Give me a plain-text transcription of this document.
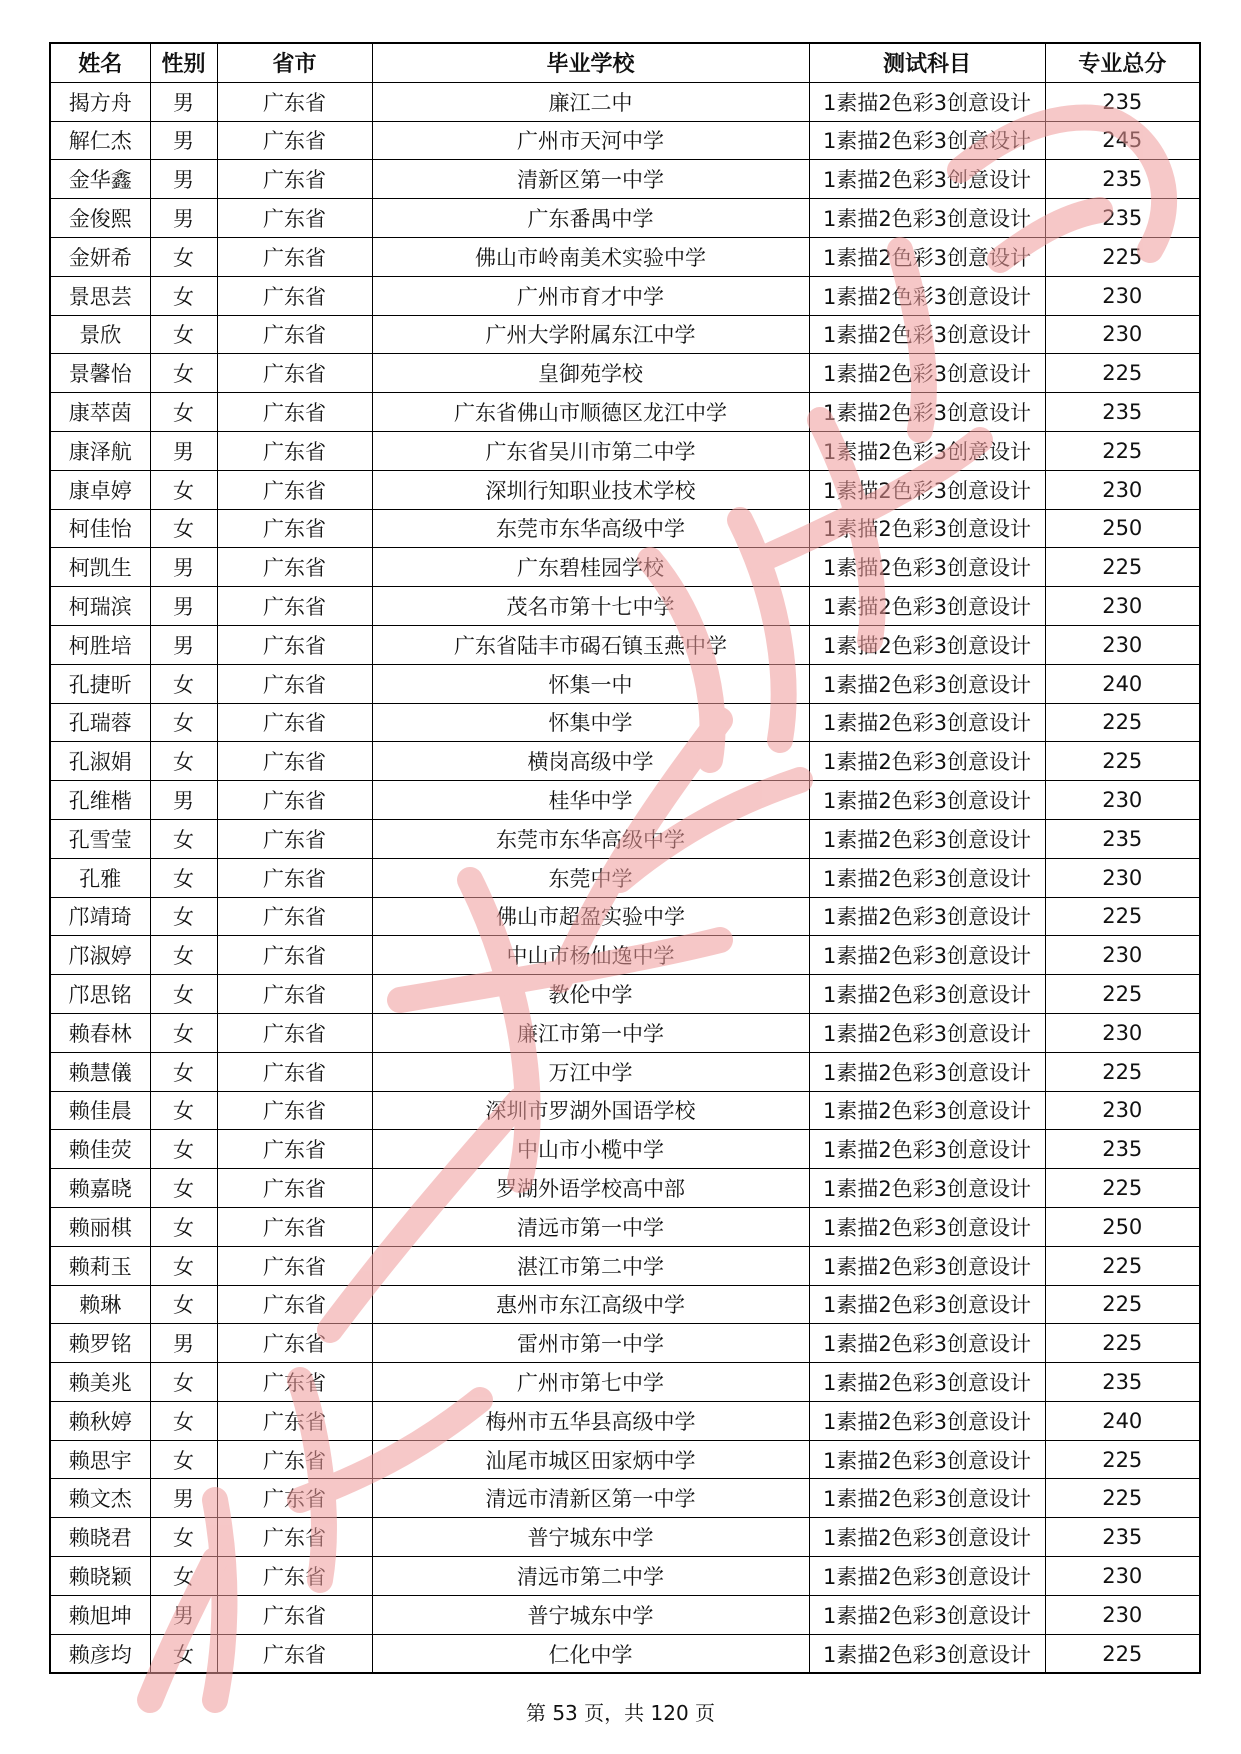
姓名	性别	省市	毕业学校	测试科目	专业总分
揭方舟	男	广东省	廉江二中	1素描2色彩3创意设计	235
解仁杰	男	广东省	广州市天河中学	1素描2色彩3创意设计	245
金华鑫	男	广东省	清新区第一中学	1素描2色彩3创意设计	235
金俊熙	男	广东省	广东番禺中学	1素描2色彩3创意设计	235
金妍希	女	广东省	佛山市岭南美术实验中学	1素描2色彩3创意设计	225
景思芸	女	广东省	广州市育才中学	1素描2色彩3创意设计	230
景欣	女	广东省	广州大学附属东江中学	1素描2色彩3创意设计	230
景馨怡	女	广东省	皇御苑学校	1素描2色彩3创意设计	225
康萃茵	女	广东省	广东省佛山市顺德区龙江中学	1素描2色彩3创意设计	235
康泽航	男	广东省	广东省吴川市第二中学	1素描2色彩3创意设计	225
康卓婷	女	广东省	深圳行知职业技术学校	1素描2色彩3创意设计	230
柯佳怡	女	广东省	东莞市东华高级中学	1素描2色彩3创意设计	250
柯凯生	男	广东省	广东碧桂园学校	1素描2色彩3创意设计	225
柯瑞滨	男	广东省	茂名市第十七中学	1素描2色彩3创意设计	230
柯胜培	男	广东省	广东省陆丰市碣石镇玉燕中学	1素描2色彩3创意设计	230
孔捷昕	女	广东省	怀集一中	1素描2色彩3创意设计	240
孔瑞蓉	女	广东省	怀集中学	1素描2色彩3创意设计	225
孔淑娟	女	广东省	横岗高级中学	1素描2色彩3创意设计	225
孔维楷	男	广东省	桂华中学	1素描2色彩3创意设计	230
孔雪莹	女	广东省	东莞市东华高级中学	1素描2色彩3创意设计	235
孔雅	女	广东省	东莞中学	1素描2色彩3创意设计	230
邝靖琦	女	广东省	佛山市超盈实验中学	1素描2色彩3创意设计	225
邝淑婷	女	广东省	中山市杨仙逸中学	1素描2色彩3创意设计	230
邝思铭	女	广东省	教伦中学	1素描2色彩3创意设计	225
赖春林	女	广东省	廉江市第一中学	1素描2色彩3创意设计	230
赖慧儀	女	广东省	万江中学	1素描2色彩3创意设计	225
赖佳晨	女	广东省	深圳市罗湖外国语学校	1素描2色彩3创意设计	230
赖佳荧	女	广东省	中山市小榄中学	1素描2色彩3创意设计	235
赖嘉晓	女	广东省	罗湖外语学校高中部	1素描2色彩3创意设计	225
赖丽棋	女	广东省	清远市第一中学	1素描2色彩3创意设计	250
赖莉玉	女	广东省	湛江市第二中学	1素描2色彩3创意设计	225
赖琳	女	广东省	惠州市东江高级中学	1素描2色彩3创意设计	225
赖罗铭	男	广东省	雷州市第一中学	1素描2色彩3创意设计	225
赖美兆	女	广东省	广州市第七中学	1素描2色彩3创意设计	235
赖秋婷	女	广东省	梅州市五华县高级中学	1素描2色彩3创意设计	240
赖思宇	女	广东省	汕尾市城区田家炳中学	1素描2色彩3创意设计	225
赖文杰	男	广东省	清远市清新区第一中学	1素描2色彩3创意设计	225
赖晓君	女	广东省	普宁城东中学	1素描2色彩3创意设计	235
赖晓颖	女	广东省	清远市第二中学	1素描2色彩3创意设计	230
赖旭坤	男	广东省	普宁城东中学	1素描2色彩3创意设计	230
赖彦均	女	广东省	仁化中学	1素描2色彩3创意设计	225
第 53 页，共 120 页
